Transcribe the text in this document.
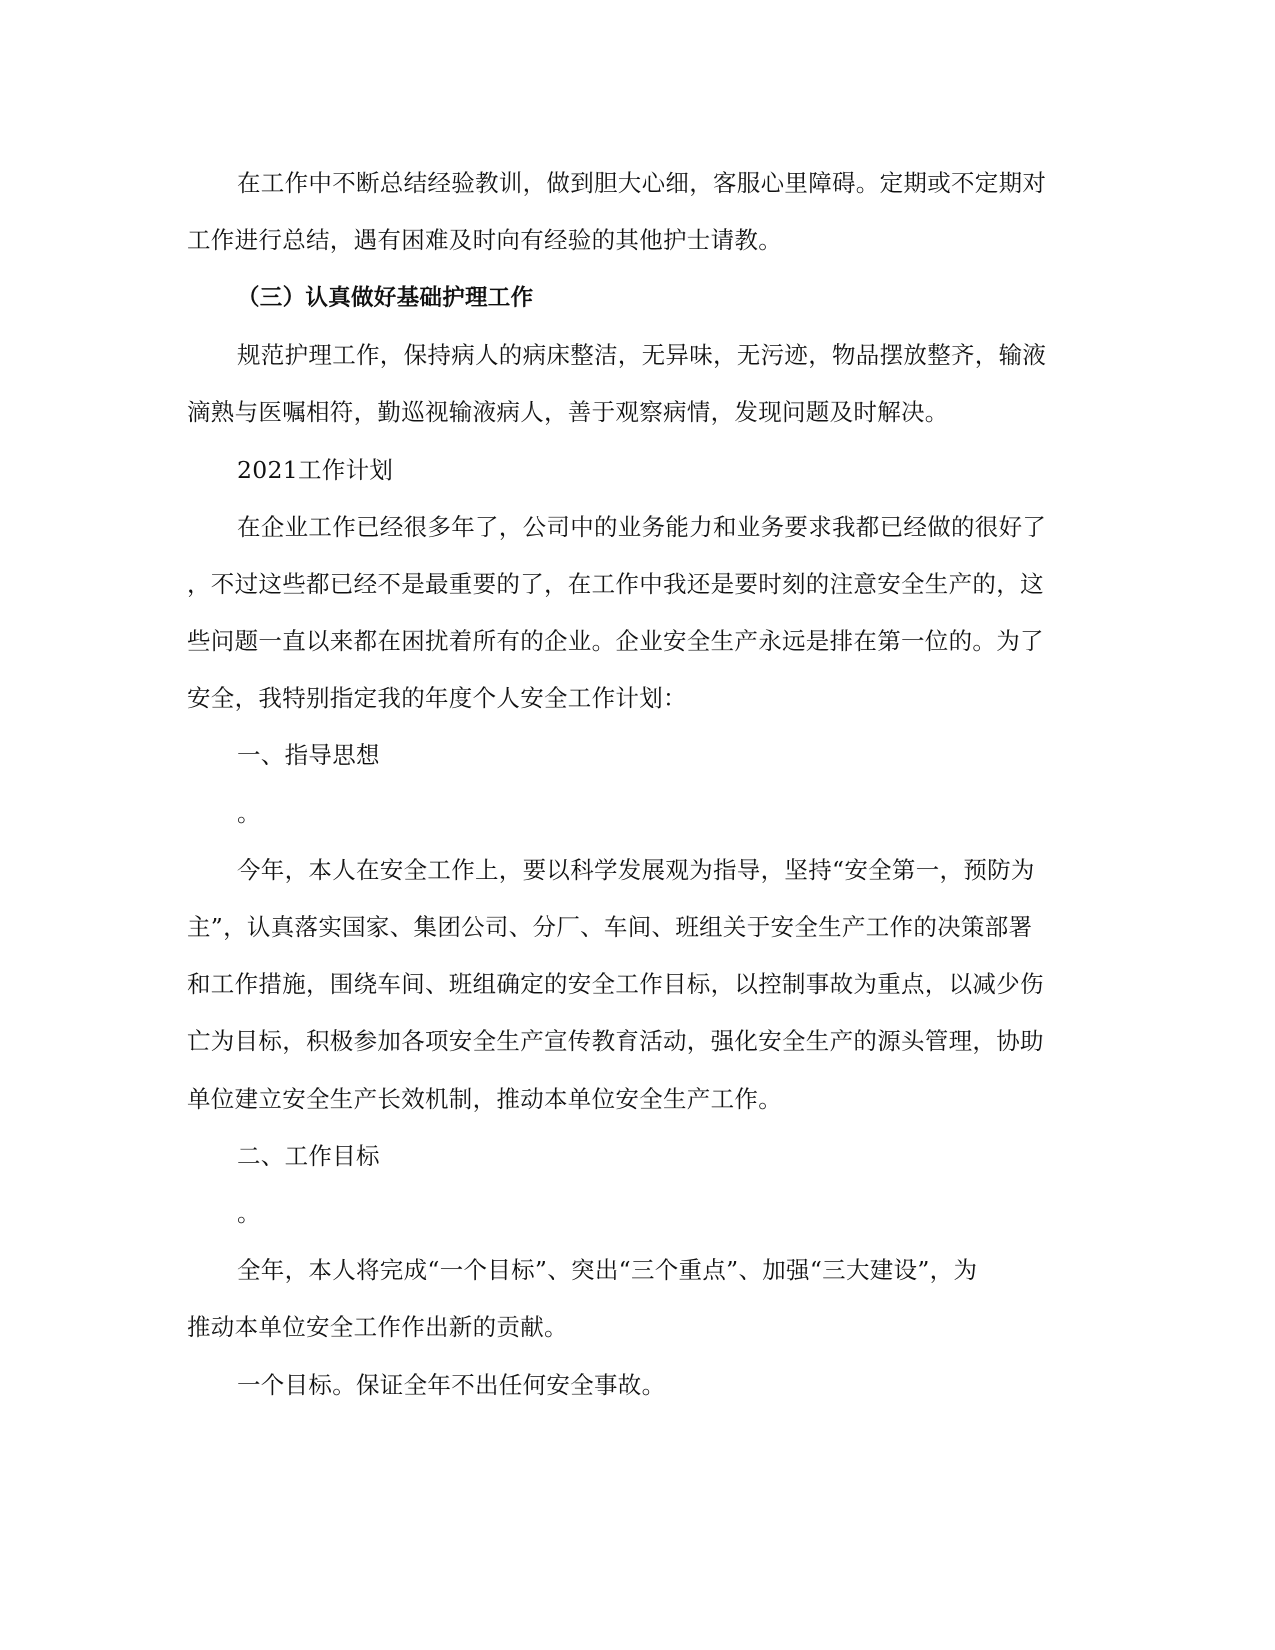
在工作中不断总结经验教训，做到胆大心细，客服心里障碍。定期或不定期对
工作进行总结，遇有困难及时向有经验的其他护士请教。
（三）认真做好基础护理工作
规范护理工作，保持病人的病床整洁，无异味，无污迹，物品摆放整齐，输液
滴熟与医嘱相符，勤巡视输液病人，善于观察病情，发现问题及时解决。
2021工作计划
在企业工作已经很多年了，公司中的业务能力和业务要求我都已经做的很好了
，不过这些都已经不是最重要的了，在工作中我还是要时刻的注意安全生产的，这
些问题一直以来都在困扰着所有的企业。企业安全生产永远是排在第一位的。为了
安全，我特别指定我的年度个人安全工作计划：
一、指导思想
。
今年，本人在安全工作上，要以科学发展观为指导，坚持“安全第一，预防为
主”，认真落实国家、集团公司、分厂、车间、班组关于安全生产工作的决策部署
和工作措施，围绕车间、班组确定的安全工作目标，以控制事故为重点，以减少伤
亡为目标，积极参加各项安全生产宣传教育活动，强化安全生产的源头管理，协助
单位建立安全生产长效机制，推动本单位安全生产工作。
二、工作目标
。
全年，本人将完成“一个目标”、突出“三个重点”、加强“三大建设”，为
推动本单位安全工作作出新的贡献。
一个目标。保证全年不出任何安全事故。
